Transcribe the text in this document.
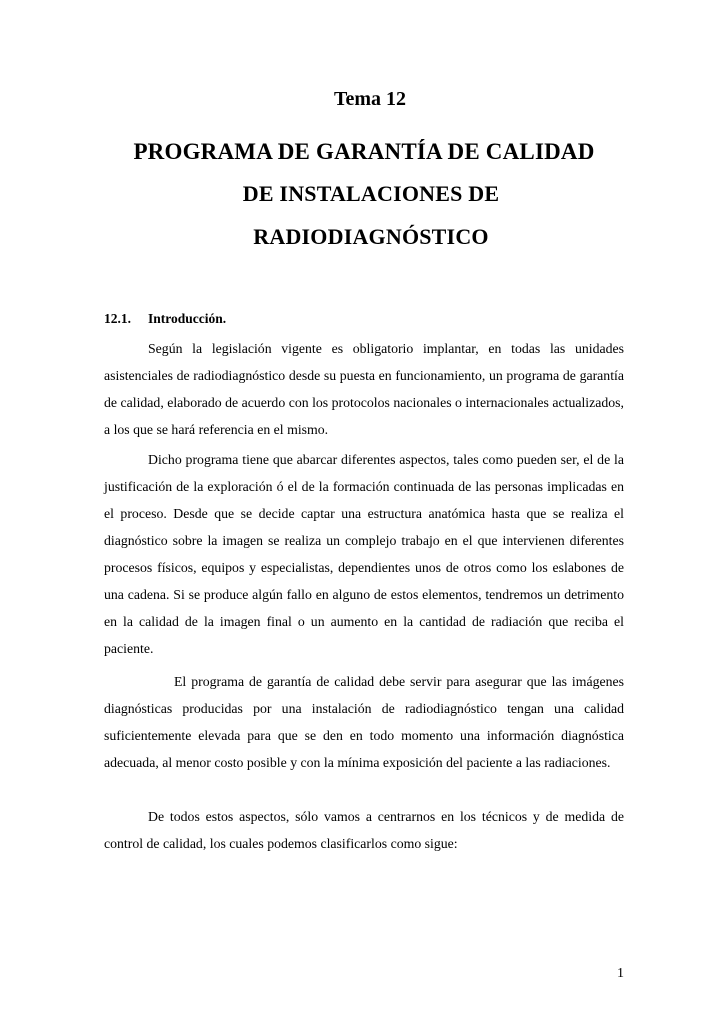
Tema 12
PROGRAMA DE GARANTÍA DE CALIDAD
DE INSTALACIONES DE
RADIODIAGNÓSTICO
12.1. Introducción.

Según la legislación vigente es obligatorio implantar, en todas las unidades asistenciales de radiodiagnóstico desde su puesta en funcionamiento, un programa de garantía de calidad, elaborado de acuerdo con los protocolos nacionales o internacionales actualizados, a los que se hará referencia en el mismo.

Dicho programa tiene que abarcar diferentes aspectos, tales como pueden ser, el de la justificación de la exploración ó el de la formación continuada de las personas implicadas en el proceso. Desde que se decide captar una estructura anatómica hasta que se realiza el diagnóstico sobre la imagen se realiza un complejo trabajo en el que intervienen diferentes procesos físicos, equipos y especialistas, dependientes unos de otros como los eslabones de una cadena. Si se produce algún fallo en alguno de estos elementos, tendremos un detrimento en la calidad de la imagen final o un aumento en la cantidad de radiación que reciba el paciente.

El programa de garantía de calidad debe servir para asegurar que las imágenes diagnósticas producidas por una instalación de radiodiagnóstico tengan una calidad suficientemente elevada para que se den en todo momento una información diagnóstica adecuada, al menor costo posible y con la mínima exposición del paciente a las radiaciones.

De todos estos aspectos, sólo vamos a centrarnos en los técnicos y de medida de control de calidad, los cuales podemos clasificarlos como sigue:

1
